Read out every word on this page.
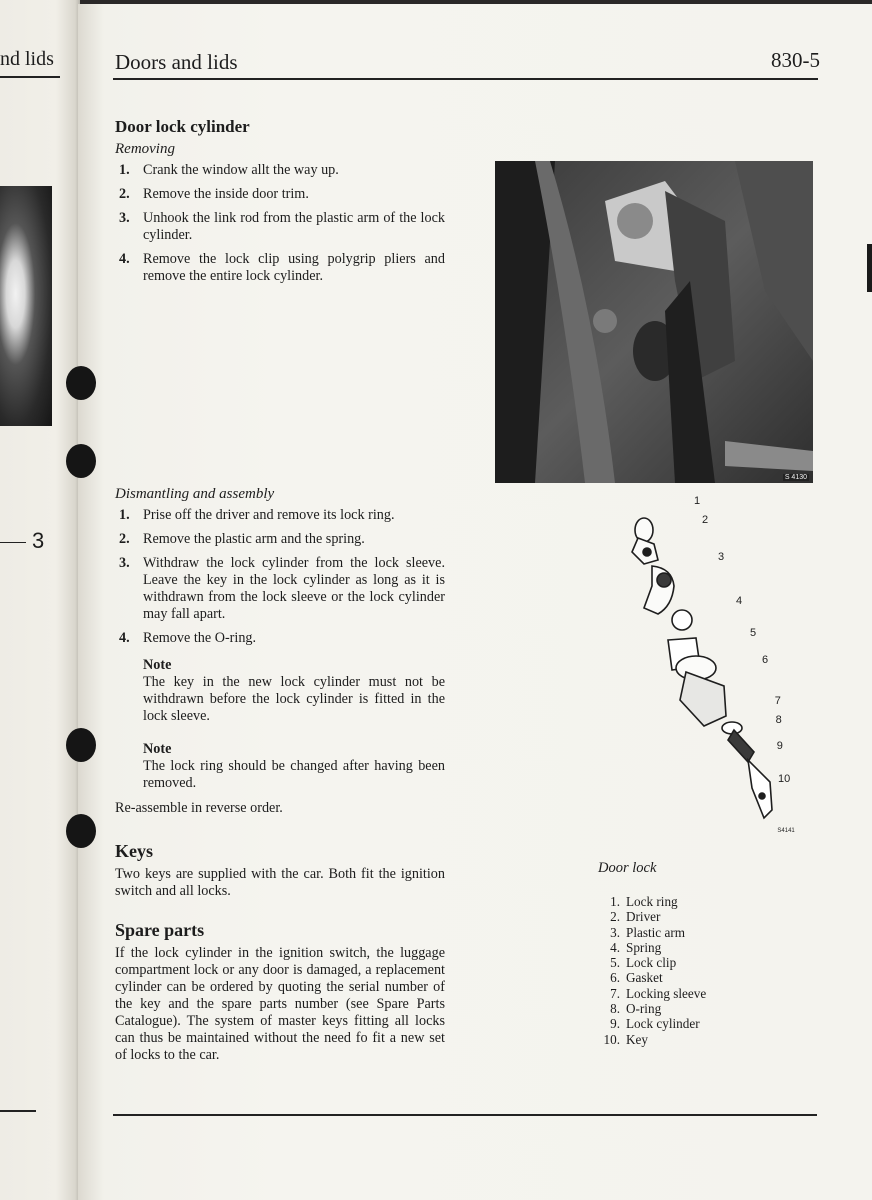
nd lids
3
Doors and lids	830-5
Door lock cylinder
Removing
1. Crank the window allt the way up.
2. Remove the inside door trim.
3. Unhook the link rod from the plastic arm of the lock cylinder.
4. Remove the lock clip using polygrip pliers and remove the entire lock cylinder.
Dismantling and assembly
1. Prise off the driver and remove its lock ring.
2. Remove the plastic arm and the spring.
3. Withdraw the lock cylinder from the lock sleeve. Leave the key in the lock cylinder as long as it is withdrawn from the lock sleeve or the lock cylinder may fall apart.
4. Remove the O-ring.
Note
The key in the new lock cylinder must not be withdrawn before the lock cylinder is fitted in the lock sleeve.
Note
The lock ring should be changed after having been removed.
Re-assemble in reverse order.
Keys
Two keys are supplied with the car. Both fit the ignition switch and all locks.
Spare parts
If the lock cylinder in the ignition switch, the luggage compartment lock or any door is damaged, a replacement cylinder can be ordered by quoting the serial number of the key and the spare parts number (see Spare Parts Catalogue). The system of master keys fitting all locks can thus be maintained without the need fo fit a new set of locks to the car.
S 4130
1
2
3
4
5
6
7
8
9
10
S4141
Door lock
1. Lock ring
2. Driver
3. Plastic arm
4. Spring
5. Lock clip
6. Gasket
7. Locking sleeve
8. O-ring
9. Lock cylinder
10. Key
